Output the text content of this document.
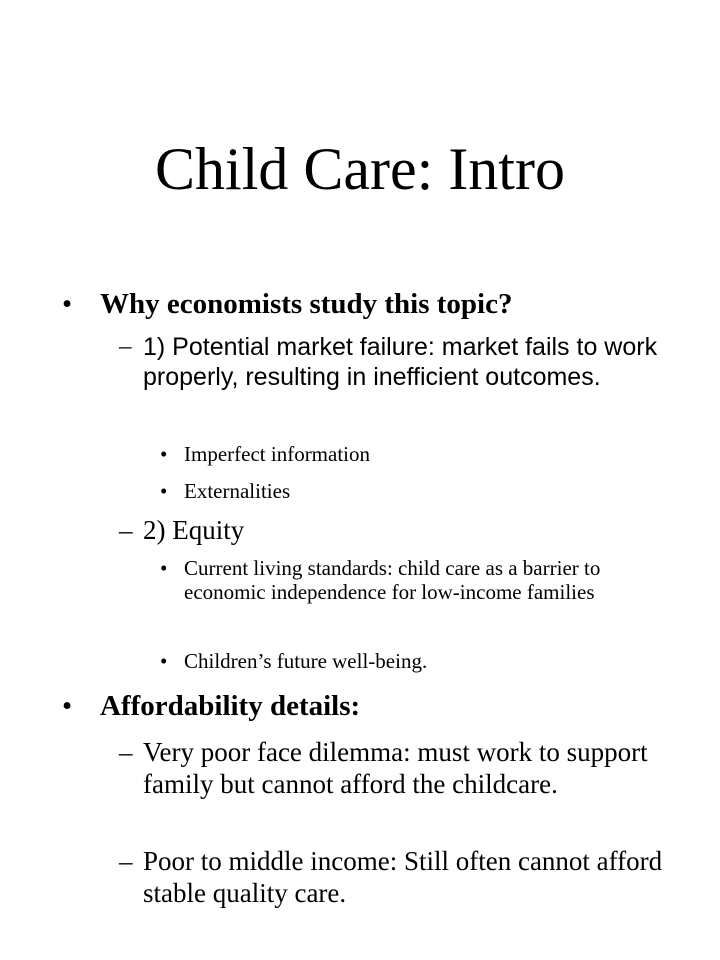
Child Care: Intro
• Why economists study this topic?
– 1) Potential market failure: market fails to work properly, resulting in inefficient outcomes.
• Imperfect information
• Externalities
– 2) Equity
• Current living standards: child care as a barrier to economic independence for low-income families
• Children’s future well-being.
• Affordability details:
– Very poor face dilemma: must work to support family but cannot afford the childcare.
– Poor to middle income: Still often cannot afford stable quality care.
